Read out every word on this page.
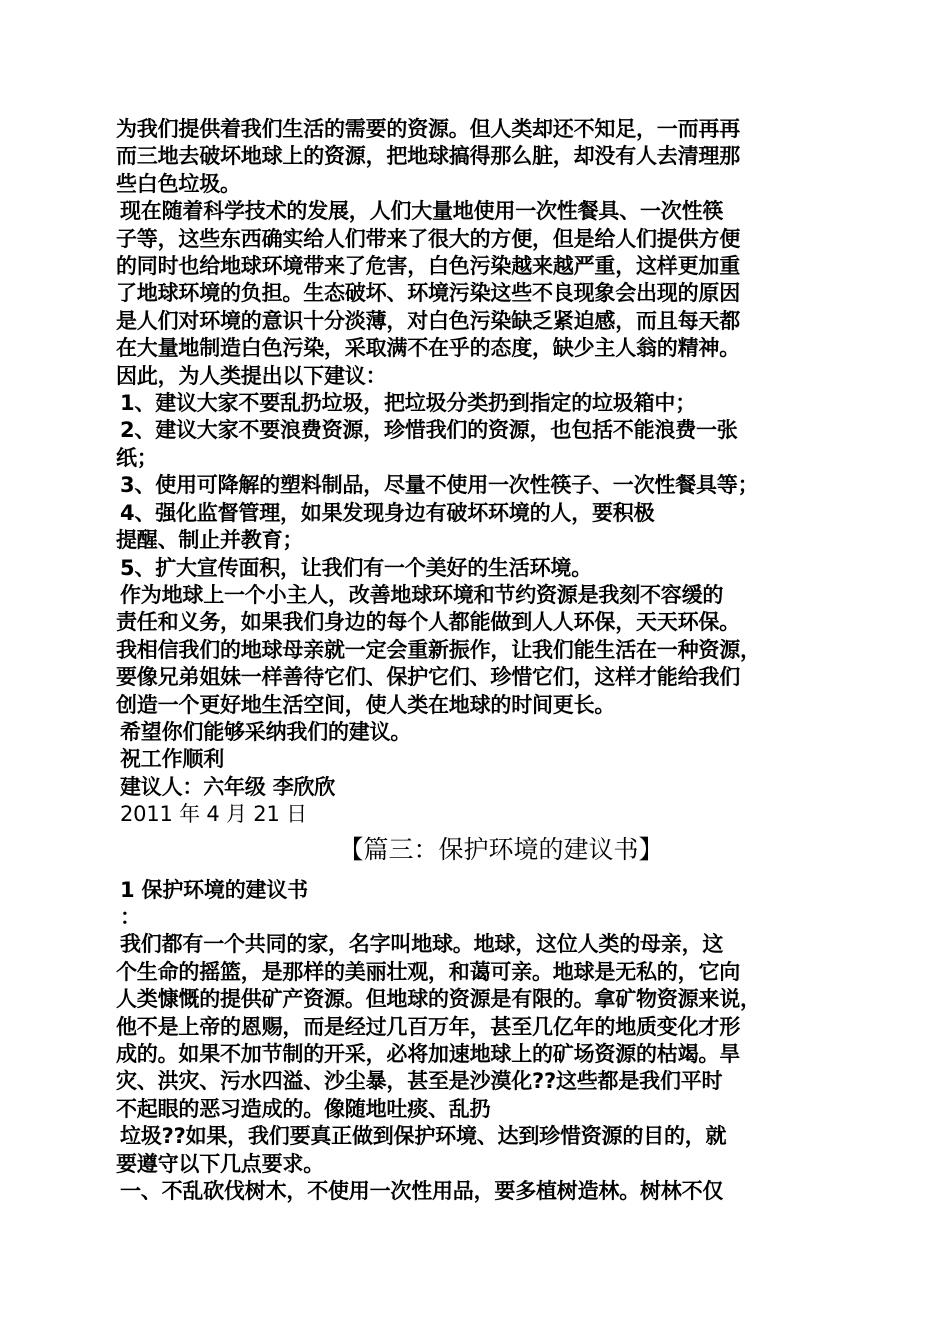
为我们提供着我们生活的需要的资源。但人类却还不知足，一而再再
而三地去破坏地球上的资源，把地球搞得那么脏，却没有人去清理那
些白色垃圾。
现在随着科学技术的发展，人们大量地使用一次性餐具、一次性筷
子等，这些东西确实给人们带来了很大的方便，但是给人们提供方便
的同时也给地球环境带来了危害，白色污染越来越严重，这样更加重
了地球环境的负担。生态破坏、环境污染这些不良现象会出现的原因
是人们对环境的意识十分淡薄，对白色污染缺乏紧迫感，而且每天都
在大量地制造白色污染，采取满不在乎的态度，缺少主人翁的精神。
因此，为人类提出以下建议：
1、建议大家不要乱扔垃圾，把垃圾分类扔到指定的垃圾箱中；
2、建议大家不要浪费资源，珍惜我们的资源，也包括不能浪费一张
纸；
3、使用可降解的塑料制品，尽量不使用一次性筷子、一次性餐具等；
4、强化监督管理，如果发现身边有破坏环境的人，要积极
提醒、制止并教育；
5、扩大宣传面积，让我们有一个美好的生活环境。
作为地球上一个小主人，改善地球环境和节约资源是我刻不容缓的
责任和义务，如果我们身边的每个人都能做到人人环保，天天环保。
我相信我们的地球母亲就一定会重新振作，让我们能生活在一种资源，
要像兄弟姐妹一样善待它们、保护它们、珍惜它们，这样才能给我们
创造一个更好地生活空间，使人类在地球的时间更长。
希望你们能够采纳我们的建议。
祝工作顺利
建议人：六年级 李欣欣
2011 年 4 月 21 日
【篇三：保护环境的建议书】
1 保护环境的建议书
：
我们都有一个共同的家，名字叫地球。地球，这位人类的母亲，这
个生命的摇篮，是那样的美丽壮观，和蔼可亲。地球是无私的，它向
人类慷慨的提供矿产资源。但地球的资源是有限的。拿矿物资源来说，
他不是上帝的恩赐，而是经过几百万年，甚至几亿年的地质变化才形
成的。如果不加节制的开采，必将加速地球上的矿场资源的枯竭。旱
灾、洪灾、污水四溢、沙尘暴，甚至是沙漠化??这些都是我们平时
不起眼的恶习造成的。像随地吐痰、乱扔
垃圾??如果，我们要真正做到保护环境、达到珍惜资源的目的，就
要遵守以下几点要求。
一、不乱砍伐树木，不使用一次性用品，要多植树造林。树林不仅
